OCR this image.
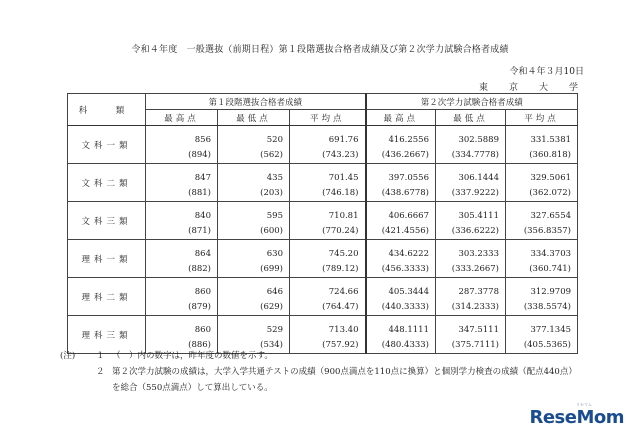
令和４年度　一般選抜（前期日程）第１段階選抜合格者成績及び第２次学力試験合格者成績
令和４年３月10日
東　京　大　学
科　類	第１段階選抜合格者成績			第２次学力試験合格者成績		
	最高点	最低点	平均点	最高点	最低点	平均点
文科一類	856	520	691.76	416.2556	302.5889	331.5381
	(894)	(562)	(743.23)	(436.2667)	(334.7778)	(360.818)
文科二類	847	435	701.45	397.0556	306.1444	329.5061
	(881)	(203)	(746.18)	(438.6778)	(337.9222)	(362.072)
文科三類	840	595	710.81	406.6667	305.4111	327.6554
	(871)	(600)	(770.24)	(421.4556)	(336.6222)	(356.8357)
理科一類	864	630	745.20	434.6222	303.2333	334.3703
	(882)	(699)	(789.12)	(456.3333)	(333.2667)	(360.741)
理科二類	860	646	724.66	405.3444	287.3778	312.9709
	(879)	(629)	(764.47)	(440.3333)	(314.2333)	(338.5574)
理科三類	860	529	713.40	448.1111	347.5111	377.1345
	(886)	(534)	(757.92)	(480.4333)	(375.7111)	(405.5365)
(注) １ （　）内の数字は，昨年度の数値を示す。
２ 第２次学力試験の成績は，大学入学共通テストの成績（900点満点を110点に換算）と個別学力検査の成績（配点440点）を総合（550点満点）して算出している。
リセマム
ReseMom
